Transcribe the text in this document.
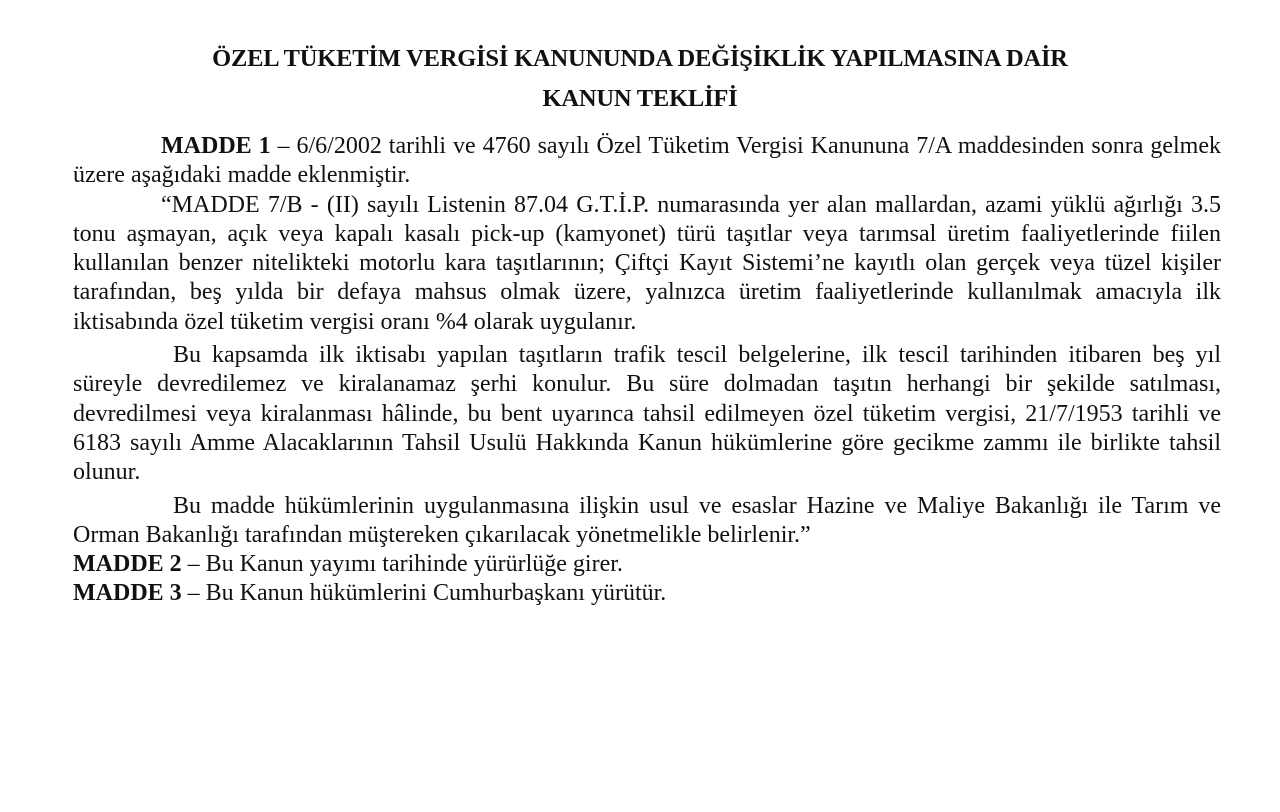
ÖZEL TÜKETİM VERGİSİ KANUNUNDA DEĞİŞİKLİK YAPILMASINA DAİR
KANUN TEKLİFİ

MADDE 1 – 6/6/2002 tarihli ve 4760 sayılı Özel Tüketim Vergisi Kanununa 7/A maddesinden sonra gelmek üzere aşağıdaki madde eklenmiştir.

“MADDE 7/B - (II) sayılı Listenin 87.04 G.T.İ.P. numarasında yer alan mallardan, azami yüklü ağırlığı 3.5 tonu aşmayan, açık veya kapalı kasalı pick-up (kamyonet) türü taşıtlar veya tarımsal üretim faaliyetlerinde fiilen kullanılan benzer nitelikteki motorlu kara taşıtlarının; Çiftçi Kayıt Sistemi’ne kayıtlı olan gerçek veya tüzel kişiler tarafından, beş yılda bir defaya mahsus olmak üzere, yalnızca üretim faaliyetlerinde kullanılmak amacıyla ilk iktisabında özel tüketim vergisi oranı %4 olarak uygulanır.

Bu kapsamda ilk iktisabı yapılan taşıtların trafik tescil belgelerine, ilk tescil tarihinden itibaren beş yıl süreyle devredilemez ve kiralanamaz şerhi konulur. Bu süre dolmadan taşıtın herhangi bir şekilde satılması, devredilmesi veya kiralanması hâlinde, bu bent uyarınca tahsil edilmeyen özel tüketim vergisi, 21/7/1953 tarihli ve 6183 sayılı Amme Alacaklarının Tahsil Usulü Hakkında Kanun hükümlerine göre gecikme zammı ile birlikte tahsil olunur.

Bu madde hükümlerinin uygulanmasına ilişkin usul ve esaslar Hazine ve Maliye Bakanlığı ile Tarım ve Orman Bakanlığı tarafından müştereken çıkarılacak yönetmelikle belirlenir.”

MADDE 2 – Bu Kanun yayımı tarihinde yürürlüğe girer.

MADDE 3 – Bu Kanun hükümlerini Cumhurbaşkanı yürütür.
